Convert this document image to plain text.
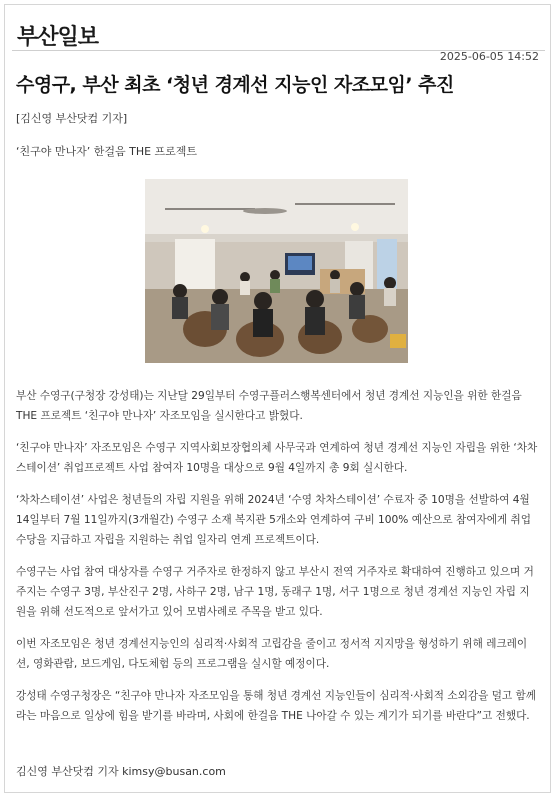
부산일보
2025-06-05 14:52
수영구, 부산 최초 ‘청년 경계선 지능인 자조모임’ 추진
[김신영 부산닷컴 기자]
‘친구야 만나자’ 한걸음 THE 프로젝트

부산 수영구(구청장 강성태)는 지난달 29일부터 수영구플러스행복센터에서 청년 경계선 지능인을 위한 한걸음 THE 프로젝트 ‘친구야 만나자’ 자조모임을 실시한다고 밝혔다.

‘친구야 만나자’ 자조모임은 수영구 지역사회보장협의체 사무국과 연계하여 청년 경계선 지능인 자립을 위한 ‘차차스테이션’ 취업프로젝트 사업 참여자 10명을 대상으로 9월 4일까지 총 9회 실시한다.

‘차차스테이션’ 사업은 청년들의 자립 지원을 위해 2024년 ‘수영 차차스테이션’ 수료자 중 10명을 선발하여 4월 14일부터 7월 11일까지(3개월간) 수영구 소재 복지관 5개소와 연계하여 구비 100% 예산으로 참여자에게 취업수당을 지급하고 자립을 지원하는 취업 일자리 연계 프로젝트이다.

수영구는 사업 참여 대상자를 수영구 거주자로 한정하지 않고 부산시 전역 거주자로 확대하여 진행하고 있으며 거주지는 수영구 3명, 부산진구 2명, 사하구 2명, 남구 1명, 동래구 1명, 서구 1명으로 청년 경계선 지능인 자립 지원을 위해 선도적으로 앞서가고 있어 모범사례로 주목을 받고 있다.

이번 자조모임은 청년 경계선지능인의 심리적·사회적 고립감을 줄이고 정서적 지지망을 형성하기 위해 레크레이션, 영화관람, 보드게임, 다도체험 등의 프로그램을 실시할 예정이다.

강성태 수영구청장은 “친구야 만나자 자조모임을 통해 청년 경계선 지능인들이 심리적·사회적 소외감을 덜고 함께라는 마음으로 일상에 힘을 받기를 바라며, 사회에 한걸음 THE 나아갈 수 있는 계기가 되기를 바란다”고 전했다.

김신영 부산닷컴 기자 kimsy@busan.com
